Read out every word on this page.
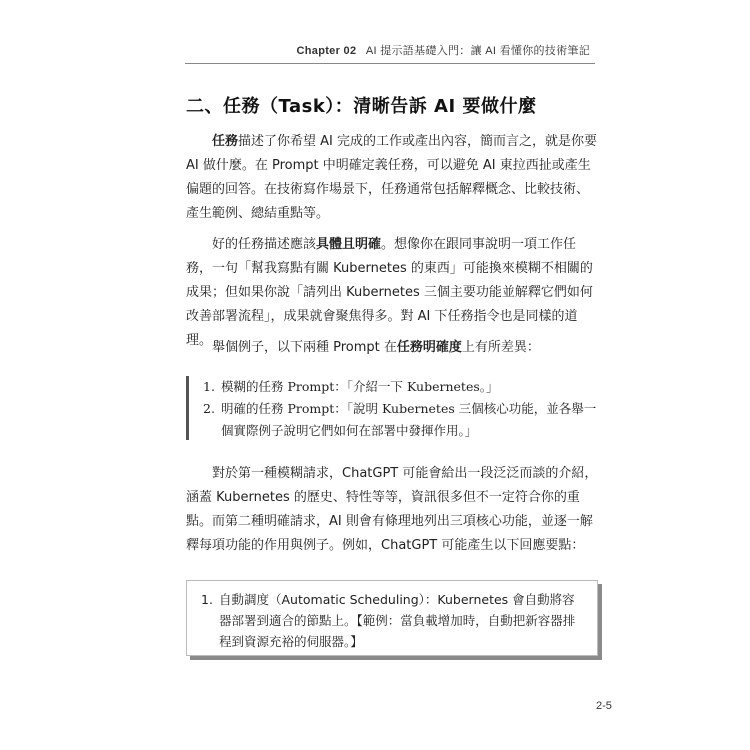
Chapter 02 AI 提示語基礎入門：讓 AI 看懂你的技術筆記
二、任務（Task）：清晰告訴 AI 要做什麼

任務描述了你希望 AI 完成的工作或產出內容，簡而言之，就是你要 AI 做什麼。在 Prompt 中明確定義任務，可以避免 AI 東拉西扯或產生偏題的回答。在技術寫作場景下，任務通常包括解釋概念、比較技術、產生範例、總結重點等。

好的任務描述應該具體且明確。想像你在跟同事說明一項工作任務，一句「幫我寫點有關 Kubernetes 的東西」可能換來模糊不相關的成果；但如果你說「請列出 Kubernetes 三個主要功能並解釋它們如何改善部署流程」，成果就會聚焦得多。對 AI 下任務指令也是同樣的道理。 舉個例子，以下兩種 Prompt 在任務明確度上有所差異：

1. 模糊的任務 Prompt：「介紹一下 Kubernetes。」
2. 明確的任務 Prompt：「說明 Kubernetes 三個核心功能，並各舉一個實際例子說明它們如何在部署中發揮作用。」

對於第一種模糊請求，ChatGPT 可能會給出一段泛泛而談的介紹，涵蓋 Kubernetes 的歷史、特性等等，資訊很多但不一定符合你的重點。而第二種明確請求，AI 則會有條理地列出三項核心功能，並逐一解釋每項功能的作用與例子。例如，ChatGPT 可能產生以下回應要點：

1. 自動調度（Automatic Scheduling）：Kubernetes 會自動將容器部署到適合的節點上。【範例：當負載增加時，自動把新容器排程到資源充裕的伺服器。】
2-5
